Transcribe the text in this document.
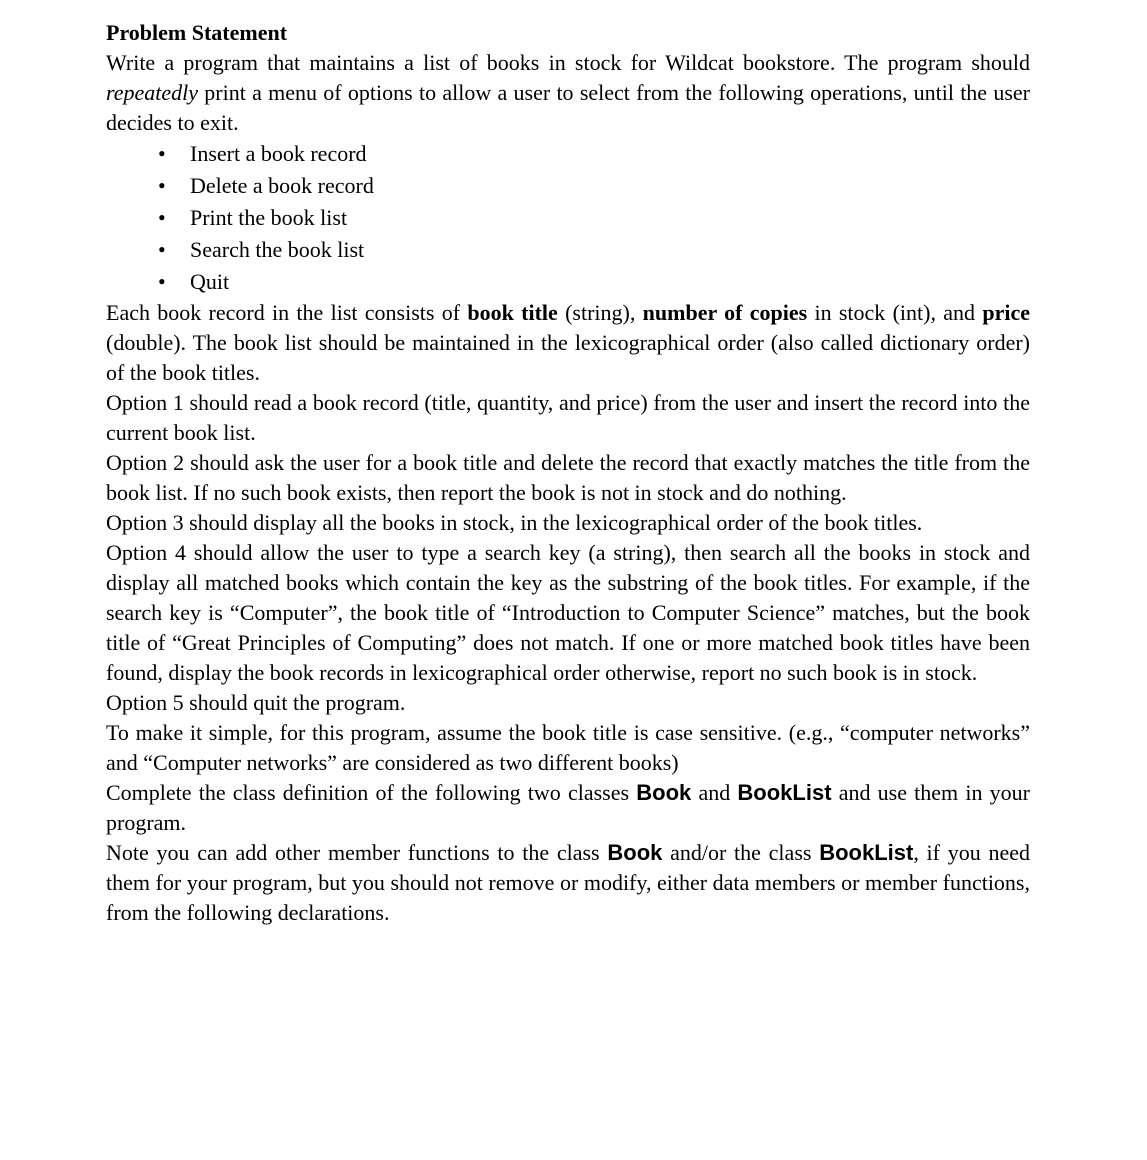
Problem Statement

Write a program that maintains a list of books in stock for Wildcat bookstore. The program should repeatedly print a menu of options to allow a user to select from the following operations, until the user decides to exit.

• Insert a book record
• Delete a book record
• Print the book list
• Search the book list
• Quit

Each book record in the list consists of book title (string), number of copies in stock (int), and price (double). The book list should be maintained in the lexicographical order (also called dictionary order) of the book titles.

Option 1 should read a book record (title, quantity, and price) from the user and insert the record into the current book list.

Option 2 should ask the user for a book title and delete the record that exactly matches the title from the book list. If no such book exists, then report the book is not in stock and do nothing.

Option 3 should display all the books in stock, in the lexicographical order of the book titles.

Option 4 should allow the user to type a search key (a string), then search all the books in stock and display all matched books which contain the key as the substring of the book titles. For example, if the search key is “Computer”, the book title of “Introduction to Computer Science” matches, but the book title of “Great Principles of Computing” does not match. If one or more matched book titles have been found, display the book records in lexicographical order otherwise, report no such book is in stock.

Option 5 should quit the program.

To make it simple, for this program, assume the book title is case sensitive. (e.g., “computer networks” and “Computer networks” are considered as two different books)

Complete the class definition of the following two classes Book and BookList and use them in your program.

Note you can add other member functions to the class Book and/or the class BookList, if you need them for your program, but you should not remove or modify, either data members or member functions, from the following declarations.
